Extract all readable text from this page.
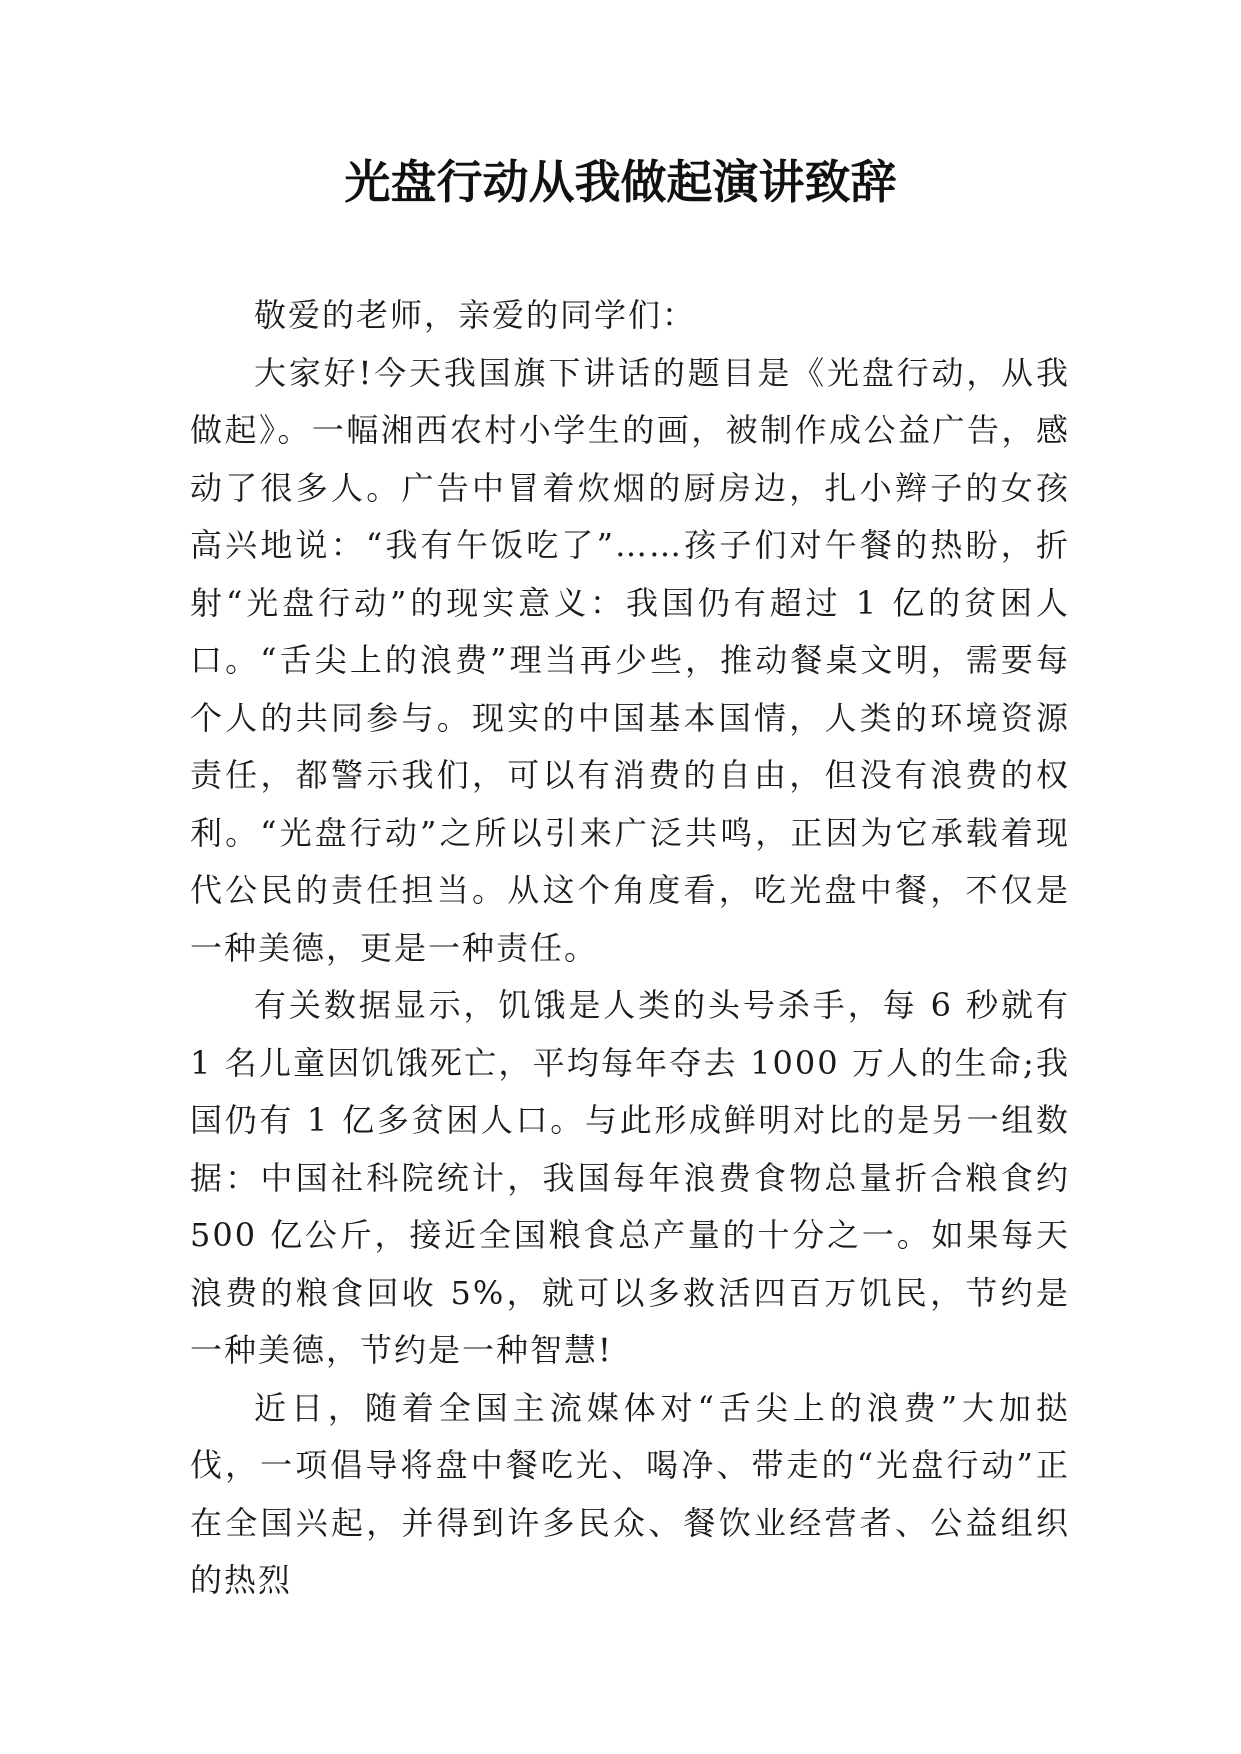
光盘行动从我做起演讲致辞

敬爱的老师，亲爱的同学们：

大家好!今天我国旗下讲话的题目是《光盘行动，从我做起》。一幅湘西农村小学生的画，被制作成公益广告，感动了很多人。广告中冒着炊烟的厨房边，扎小辫子的女孩高兴地说：“我有午饭吃了”……孩子们对午餐的热盼，折射“光盘行动”的现实意义：我国仍有超过 1 亿的贫困人口。“舌尖上的浪费”理当再少些，推动餐桌文明，需要每个人的共同参与。现实的中国基本国情，人类的环境资源责任，都警示我们，可以有消费的自由，但没有浪费的权利。“光盘行动”之所以引来广泛共鸣，正因为它承载着现代公民的责任担当。从这个角度看，吃光盘中餐，不仅是一种美德，更是一种责任。

有关数据显示，饥饿是人类的头号杀手，每 6 秒就有 1 名儿童因饥饿死亡，平均每年夺去 1000 万人的生命;我国仍有 1 亿多贫困人口。与此形成鲜明对比的是另一组数据：中国社科院统计，我国每年浪费食物总量折合粮食约 500 亿公斤，接近全国粮食总产量的十分之一。如果每天浪费的粮食回收 5%，就可以多救活四百万饥民，节约是一种美德，节约是一种智慧!

近日，随着全国主流媒体对“舌尖上的浪费”大加挞伐，一项倡导将盘中餐吃光、喝净、带走的“光盘行动”正在全国兴起，并得到许多民众、餐饮业经营者、公益组织的热烈
